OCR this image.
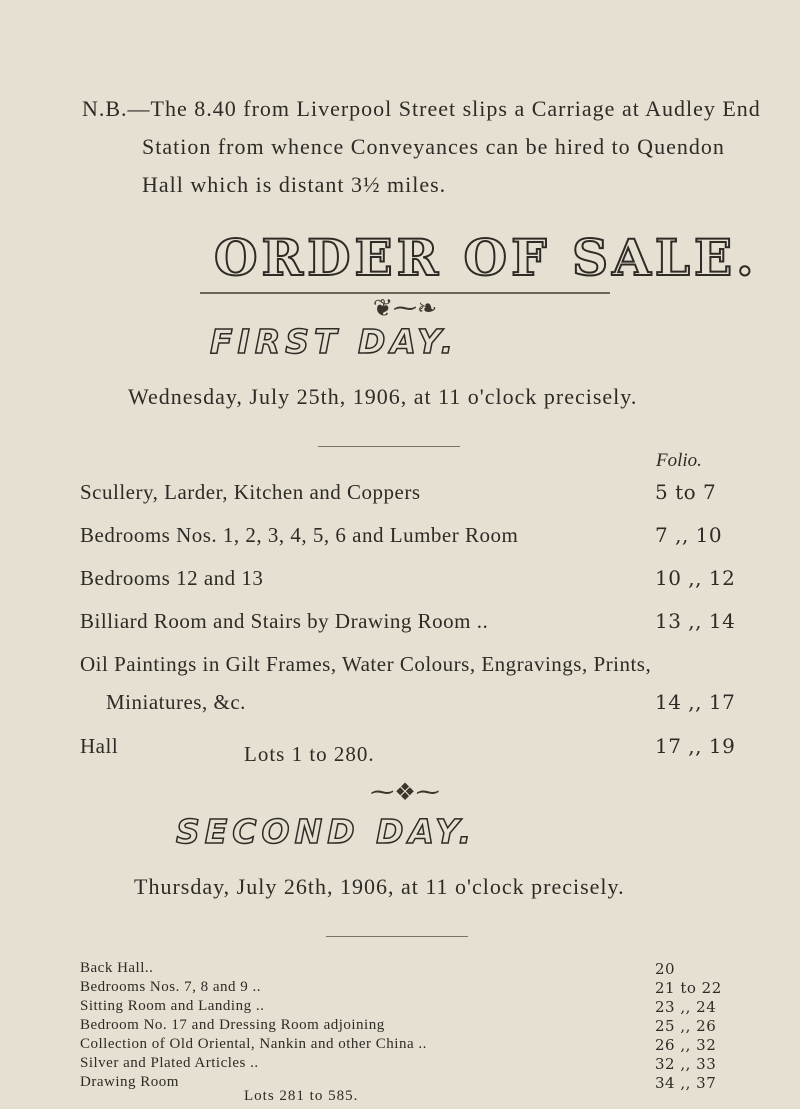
N.B.—The 8.40 from Liverpool Street slips a Carriage at Audley End

Station from whence Conveyances can be hired to Quendon

Hall which is distant 3½ miles.

ORDER OF SALE.
❦⁓❧
FIRST DAY.
Wednesday, July 25th, 1906, at 11 o'clock precisely.
Folio.
Scullery, Larder, Kitchen and Coppers	5 to 7
Bedrooms Nos. 1, 2, 3, 4, 5, 6 and Lumber Room	7 ,, 10
Bedrooms 12 and 13	10 ,, 12
Billiard Room and Stairs by Drawing Room ..	13 ,, 14
Oil Paintings in Gilt Frames, Water Colours, Engravings, Prints,
Miniatures, &c.	14 ,, 17
Hall	17 ,, 19
Lots 1 to 280.
⁓❖⁓
SECOND DAY.
Thursday, July 26th, 1906, at 11 o'clock precisely.
Back Hall..	20
Bedrooms Nos. 7, 8 and 9 ..	21 to 22
Sitting Room and Landing ..	23 ,, 24
Bedroom No. 17 and Dressing Room adjoining	25 ,, 26
Collection of Old Oriental, Nankin and other China ..	26 ,, 32
Silver and Plated Articles ..	32 ,, 33
Drawing Room	34 ,, 37
Lots 281 to 585.
